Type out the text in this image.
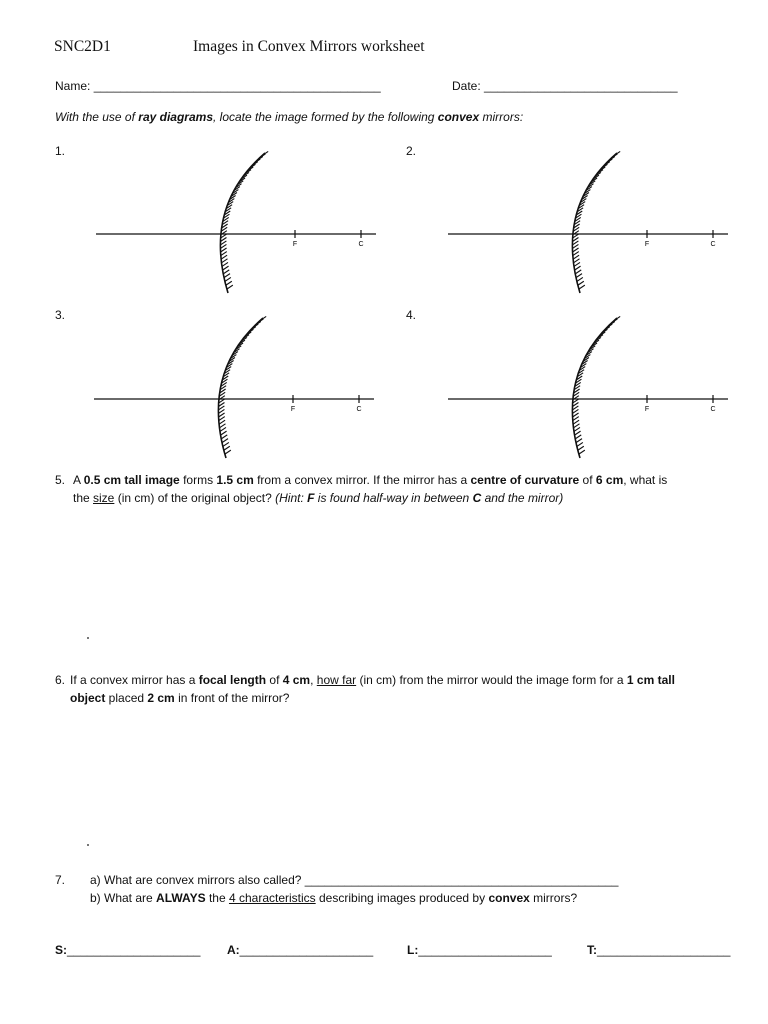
SNC2D1	Images in Convex Mirrors worksheet
Name: ___________________________________________	Date: _____________________________
With the use of ray diagrams, locate the image formed by the following convex mirrors:
1.	2.
3.	4.
F	C	F	C
F	C	F	C
5. A 0.5 cm tall image forms 1.5 cm from a convex mirror. If the mirror has a centre of curvature of 6 cm, what is
the size (in cm) of the original object? (Hint: F is found half-way in between C and the mirror)
6. If a convex mirror has a focal length of 4 cm, how far (in cm) from the mirror would the image form for a 1 cm tall
object placed 2 cm in front of the mirror?
7. a) What are convex mirrors also called? _______________________________________________
b) What are ALWAYS the 4 characteristics describing images produced by convex mirrors?
S:____________________ A:____________________	L:____________________	T:____________________
